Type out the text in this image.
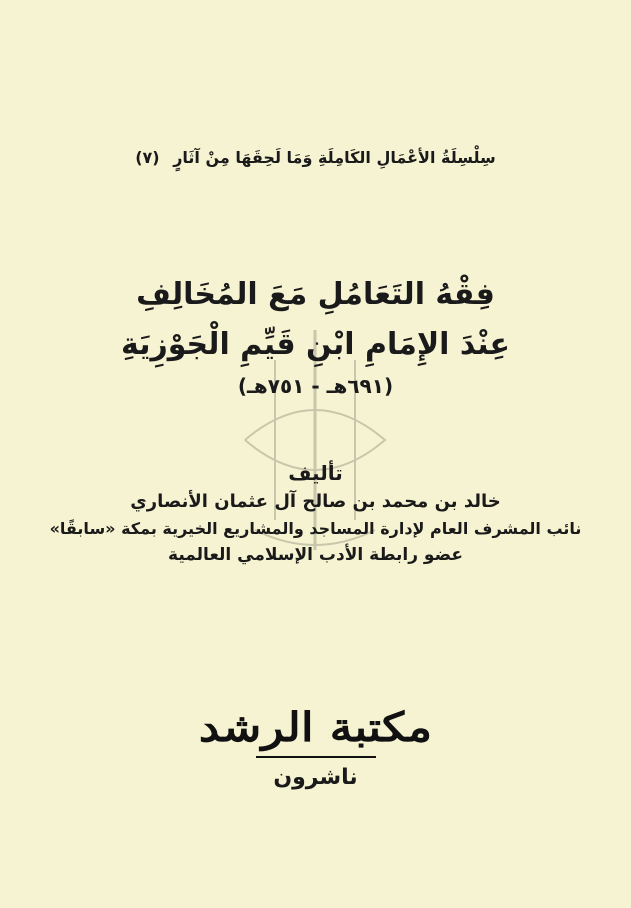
سِلْسِلَةُ الأعْمَالِ الكَامِلَةِ وَمَا لَحِقَهَا مِنْ آثَارٍ (٧)
فِقْهُ التَعَامُلِ مَعَ المُخَالِفِ
عِنْدَ الإِمَامِ ابْنِ قَيِّمِ الْجَوْزِيَةِ
(٦٩١هـ - ٧٥١هـ)
تأليف
خالد بن محمد بن صالح آل عثمان الأنصاري
نائب المشرف العام لإدارة المساجد والمشاريع الخيرية بمكة «سابقًا»
عضو رابطة الأدب الإسلامي العالمية
مكتبة الرشد
ناشرون
